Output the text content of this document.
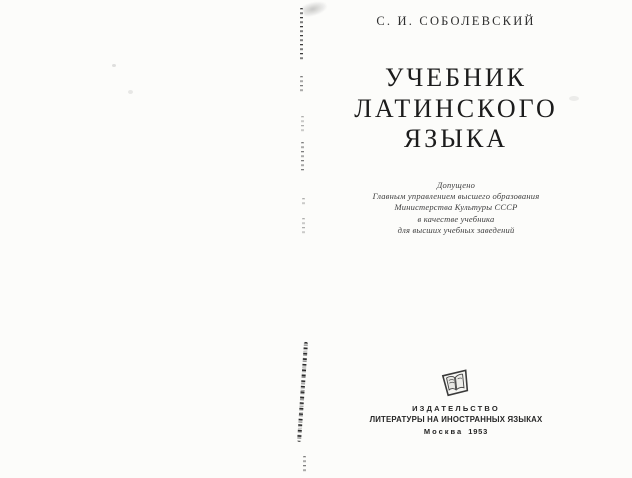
С. И. СОБОЛЕВСКИЙ
УЧЕБНИК
ЛАТИНСКОГО
ЯЗЫКА
Допущено
Главным управлением высшего образования
Министерства Культуры СССР
в качестве учебника
для высших учебных заведений
ИЗДАТЕЛЬСТВО
ЛИТЕРАТУРЫ НА ИНОСТРАННЫХ ЯЗЫКАХ
Москва 1953
